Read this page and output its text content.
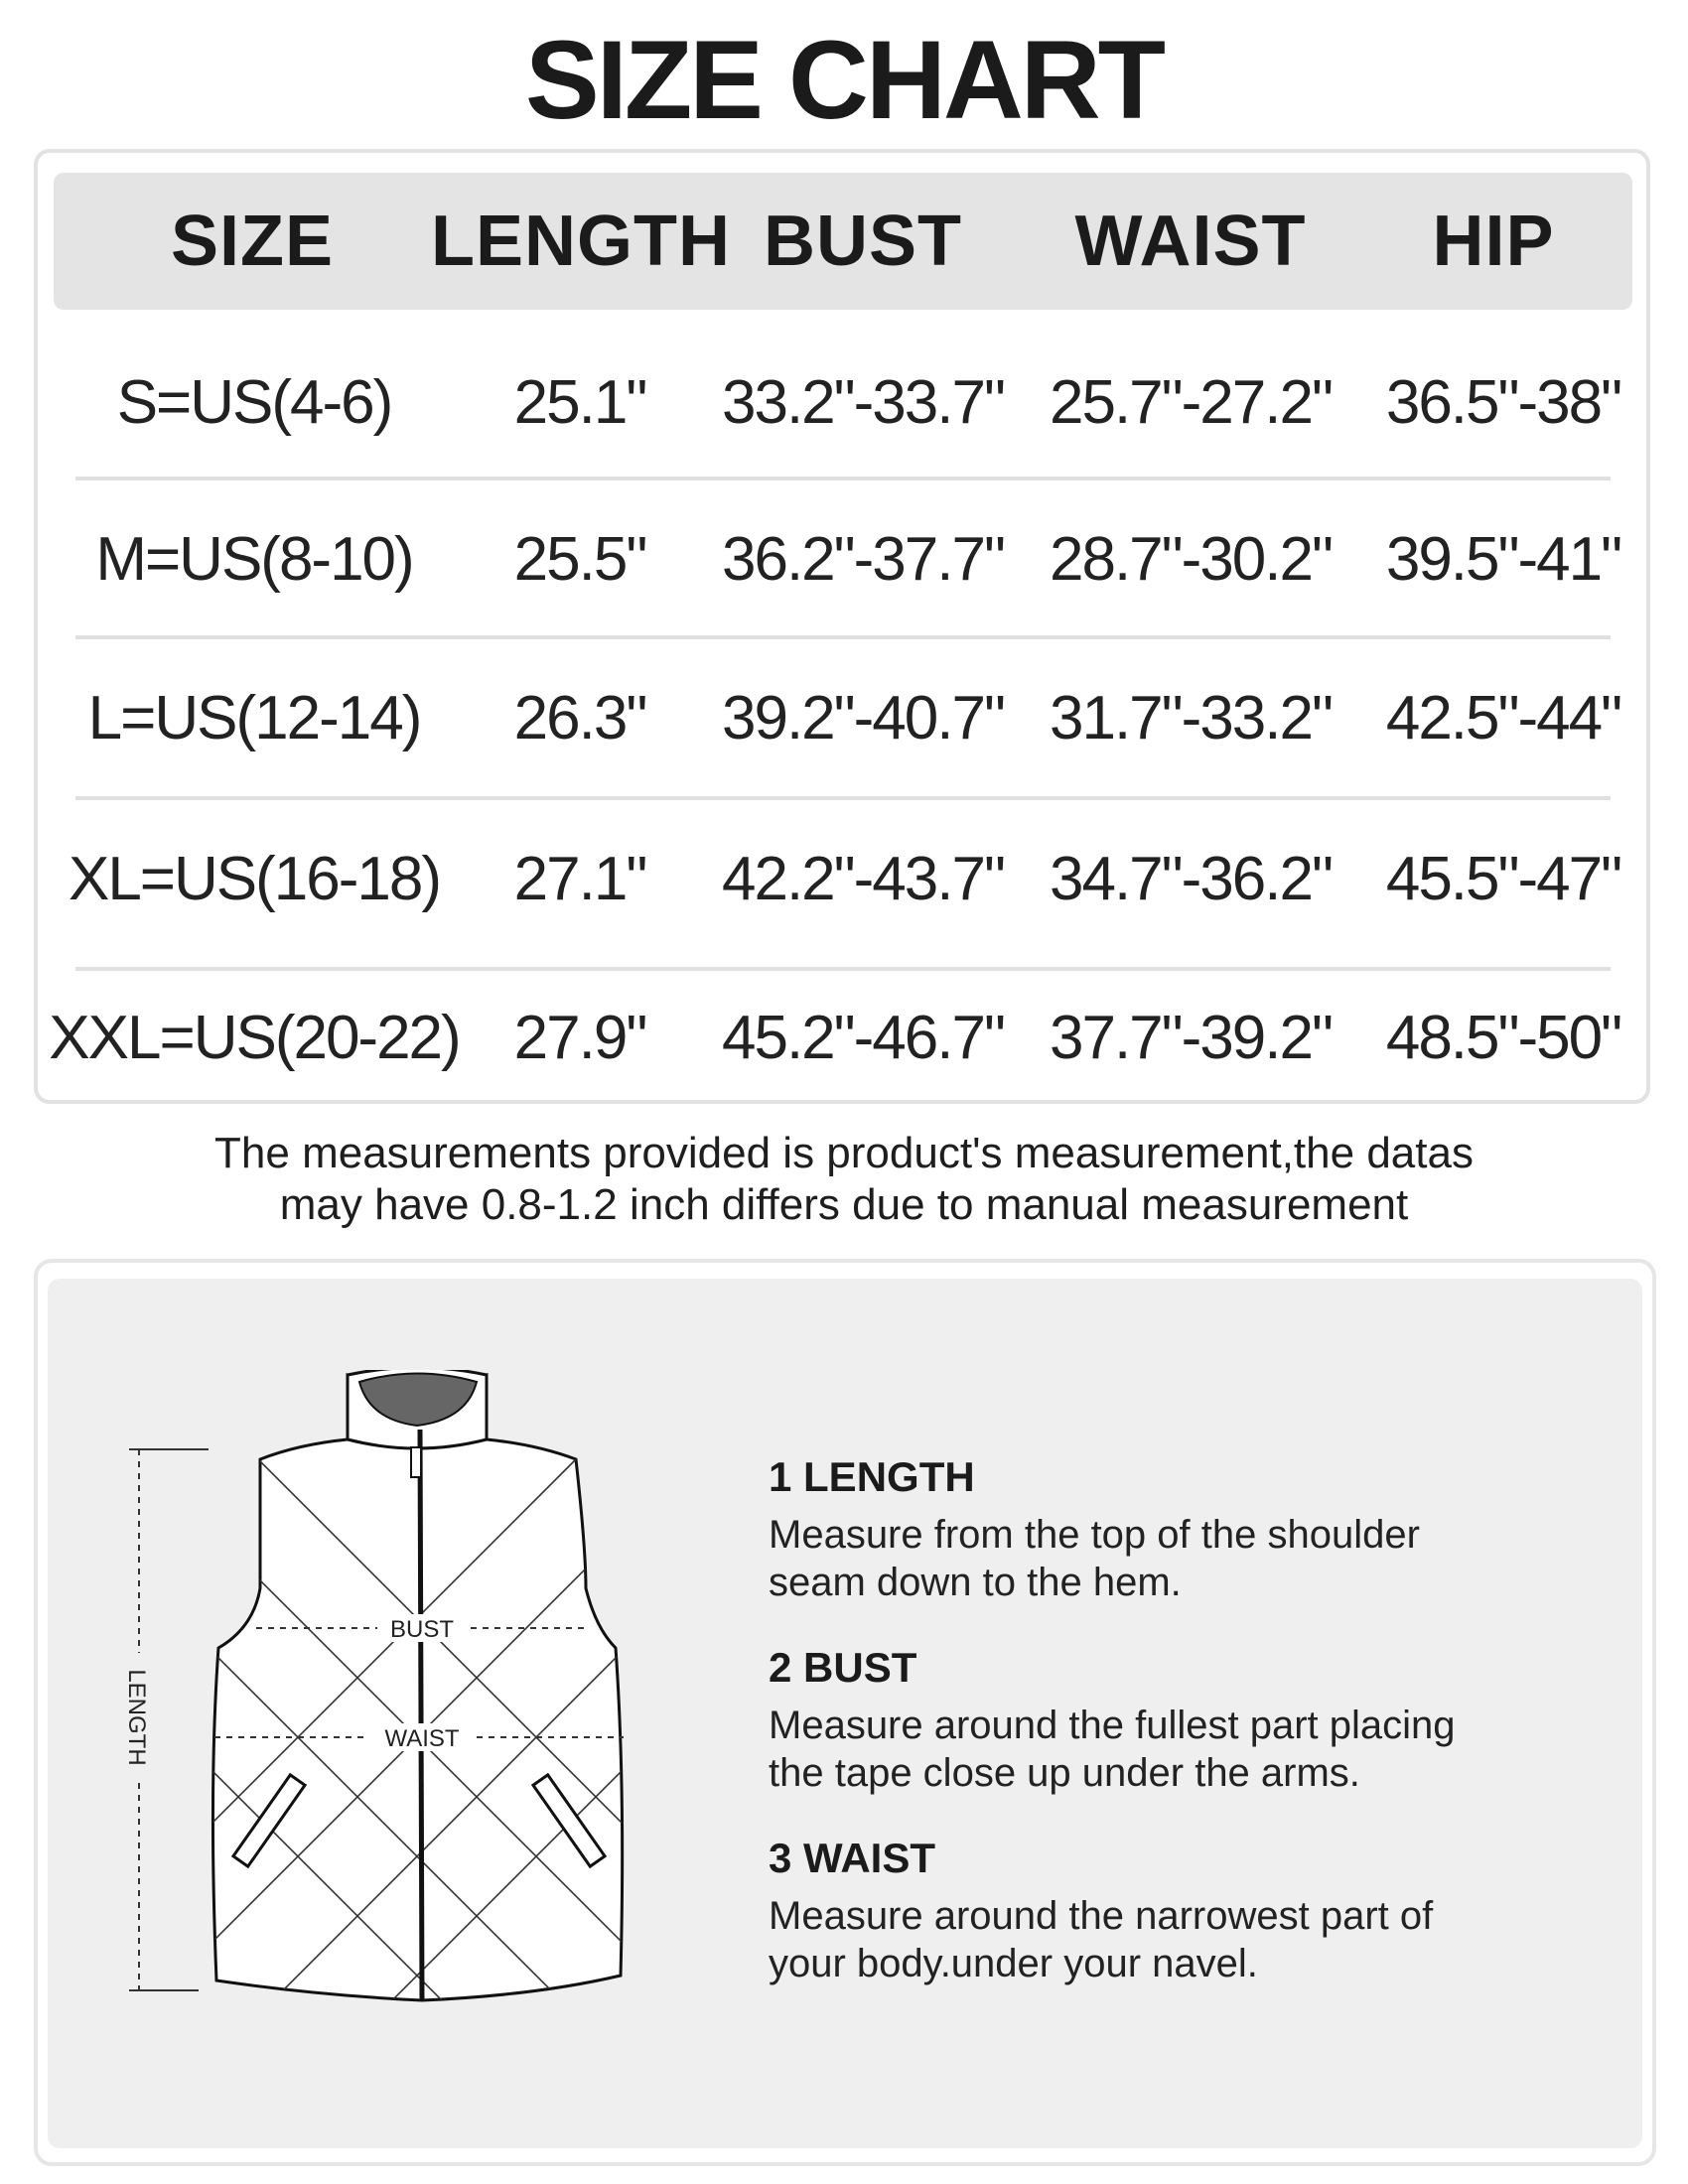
SIZE CHART
SIZE	LENGTH BUST	WAIST	HIP
S=US(4-6)	25.1"	33.2"-33.7" 25.7"-27.2" 36.5"-38"
M=US(8-10)	25.5"	36.2"-37.7" 28.7"-30.2" 39.5"-41"
L=US(12-14)	26.3"	39.2"-40.7" 31.7"-33.2" 42.5"-44"
XL=US(16-18)	27.1"	42.2"-43.7" 34.7"-36.2" 45.5"-47"
XXL=US(20-22) 27.9"	45.2"-46.7" 37.7"-39.2" 48.5"-50"
The measurements provided is product's measurement,the datas
may have 0.8-1.2 inch differs due to manual measurement
BUST
WAIST
LENGTH

1 LENGTH

Measure from the top of the shoulder

seam down to the hem.

2 BUST

Measure around the fullest part placing

the tape close up under the arms.

3 WAIST

Measure around the narrowest part of

your body.under your navel.
